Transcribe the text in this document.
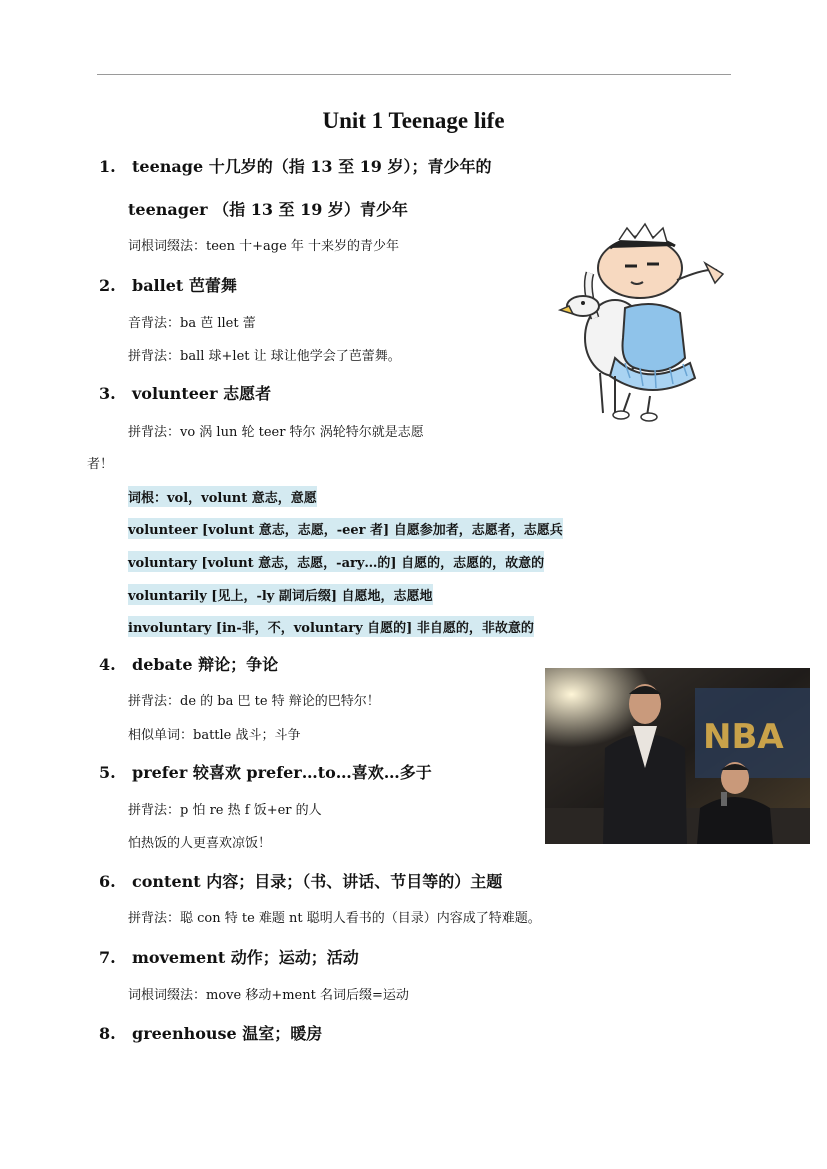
Unit 1 Teenage life
1. teenage 十几岁的（指 13 至 19 岁）；青少年的
teenager （指 13 至 19 岁）青少年
词根词缀法：teen 十+age 年 十来岁的青少年
2. ballet 芭蕾舞
音背法：ba 芭 llet 蕾
拼背法：ball 球+let 让 球让他学会了芭蕾舞。
3. volunteer 志愿者
拼背法：vo 涡 lun 轮 teer 特尔 涡轮特尔就是志愿
者！
词根：vol，volunt 意志，意愿
volunteer [volunt 意志，志愿，-eer 者] 自愿参加者，志愿者，志愿兵
voluntary [volunt 意志，志愿，-ary…的] 自愿的，志愿的，故意的
voluntarily [见上，-ly 副词后缀] 自愿地，志愿地
involuntary [in-非，不，voluntary 自愿的] 非自愿的，非故意的
4. debate 辩论；争论
拼背法：de 的 ba 巴 te 特 辩论的巴特尔！
相似单词：battle 战斗；斗争
5. prefer 较喜欢 prefer…to…喜欢…多于
拼背法：p 怕 re 热 f 饭+er 的人
怕热饭的人更喜欢凉饭！
6. content 内容；目录；（书、讲话、节目等的）主题
拼背法：聪 con 特 te 难题 nt 聪明人看书的（目录）内容成了特难题。
7. movement 动作；运动；活动
词根词缀法：move 移动+ment 名词后缀=运动
8. greenhouse 温室；暖房
NBA
